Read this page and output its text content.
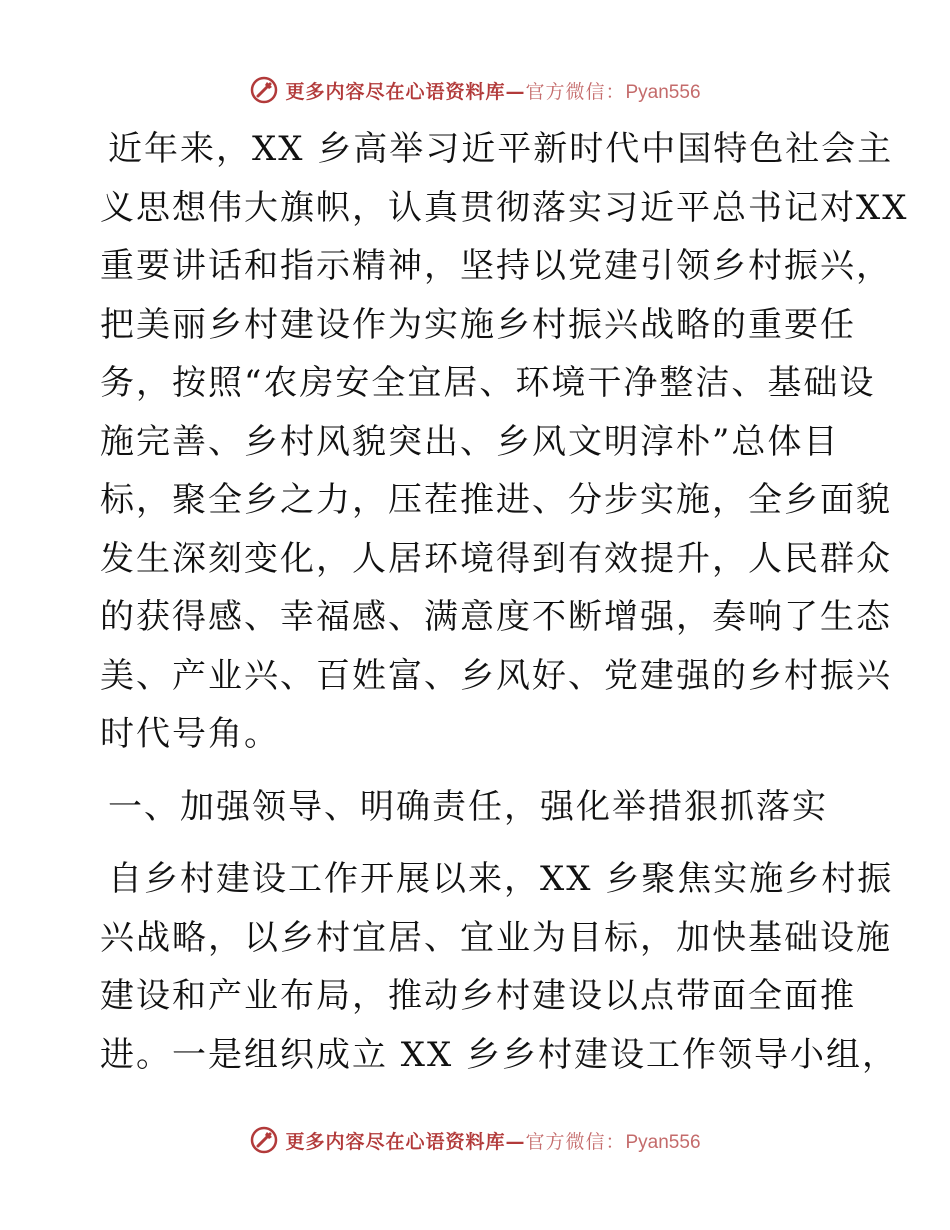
更多内容尽在心语资料库—官方微信：Pyan556

近年来，XX 乡高举习近平新时代中国特色社会主
义思想伟大旗帜，认真贯彻落实习近平总书记对XX
重要讲话和指示精神，坚持以党建引领乡村振兴，
把美丽乡村建设作为实施乡村振兴战略的重要任
务，按照“农房安全宜居、环境干净整洁、基础设
施完善、乡村风貌突出、乡风文明淳朴”总体目
标，聚全乡之力，压茬推进、分步实施，全乡面貌
发生深刻变化，人居环境得到有效提升，人民群众
的获得感、幸福感、满意度不断增强，奏响了生态
美、产业兴、百姓富、乡风好、党建强的乡村振兴
时代号角。

一、加强领导、明确责任，强化举措狠抓落实

自乡村建设工作开展以来，XX 乡聚焦实施乡村振
兴战略，以乡村宜居、宜业为目标，加快基础设施
建设和产业布局，推动乡村建设以点带面全面推
进。一是组织成立 XX 乡乡村建设工作领导小组，

更多内容尽在心语资料库—官方微信：Pyan556
